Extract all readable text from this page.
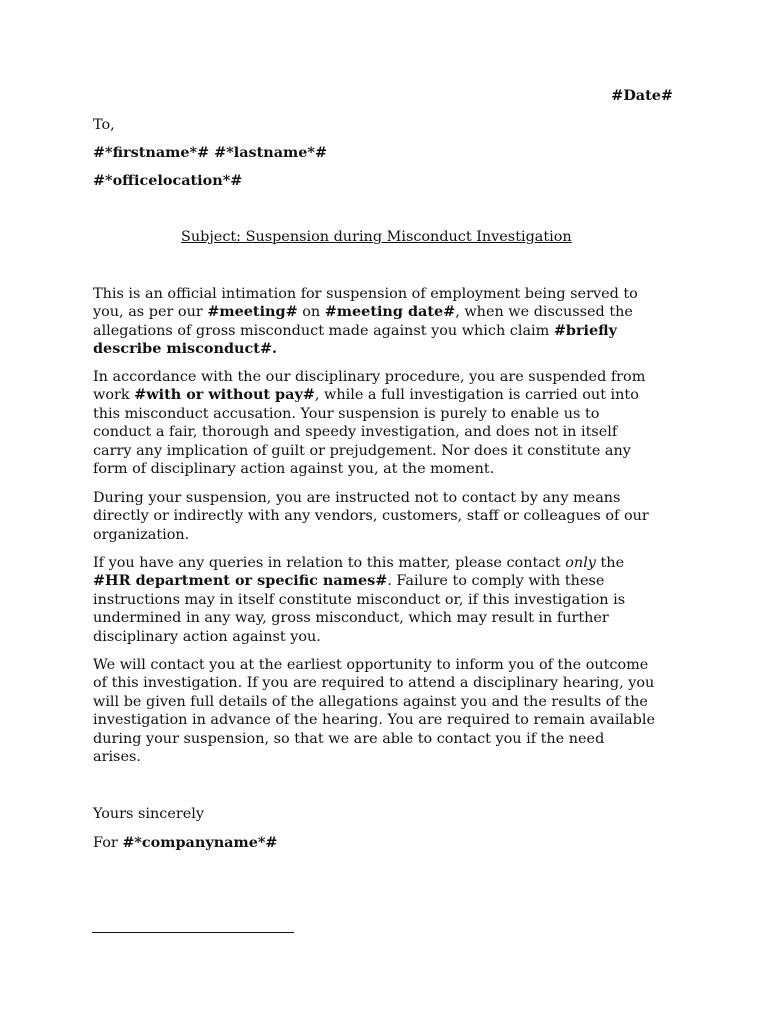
#Date#
To,
#*firstname*# #*lastname*#
#*officelocation*#
Subject: Suspension during Misconduct Investigation
This is an official intimation for suspension of employment being served to
you, as per our #meeting# on #meeting date#, when we discussed the
allegations of gross misconduct made against you which claim #briefly
describe misconduct#.
In accordance with the our disciplinary procedure, you are suspended from
work #with or without pay#, while a full investigation is carried out into
this misconduct accusation. Your suspension is purely to enable us to
conduct a fair, thorough and speedy investigation, and does not in itself
carry any implication of guilt or prejudgement. Nor does it constitute any
form of disciplinary action against you, at the moment.
During your suspension, you are instructed not to contact by any means
directly or indirectly with any vendors, customers, staff or colleagues of our
organization.
If you have any queries in relation to this matter, please contact only the
#HR department or specific names#. Failure to comply with these
instructions may in itself constitute misconduct or, if this investigation is
undermined in any way, gross misconduct, which may result in further
disciplinary action against you.
We will contact you at the earliest opportunity to inform you of the outcome
of this investigation. If you are required to attend a disciplinary hearing, you
will be given full details of the allegations against you and the results of the
investigation in advance of the hearing. You are required to remain available
during your suspension, so that we are able to contact you if the need
arises.
Yours sincerely
For #*companyname*#
